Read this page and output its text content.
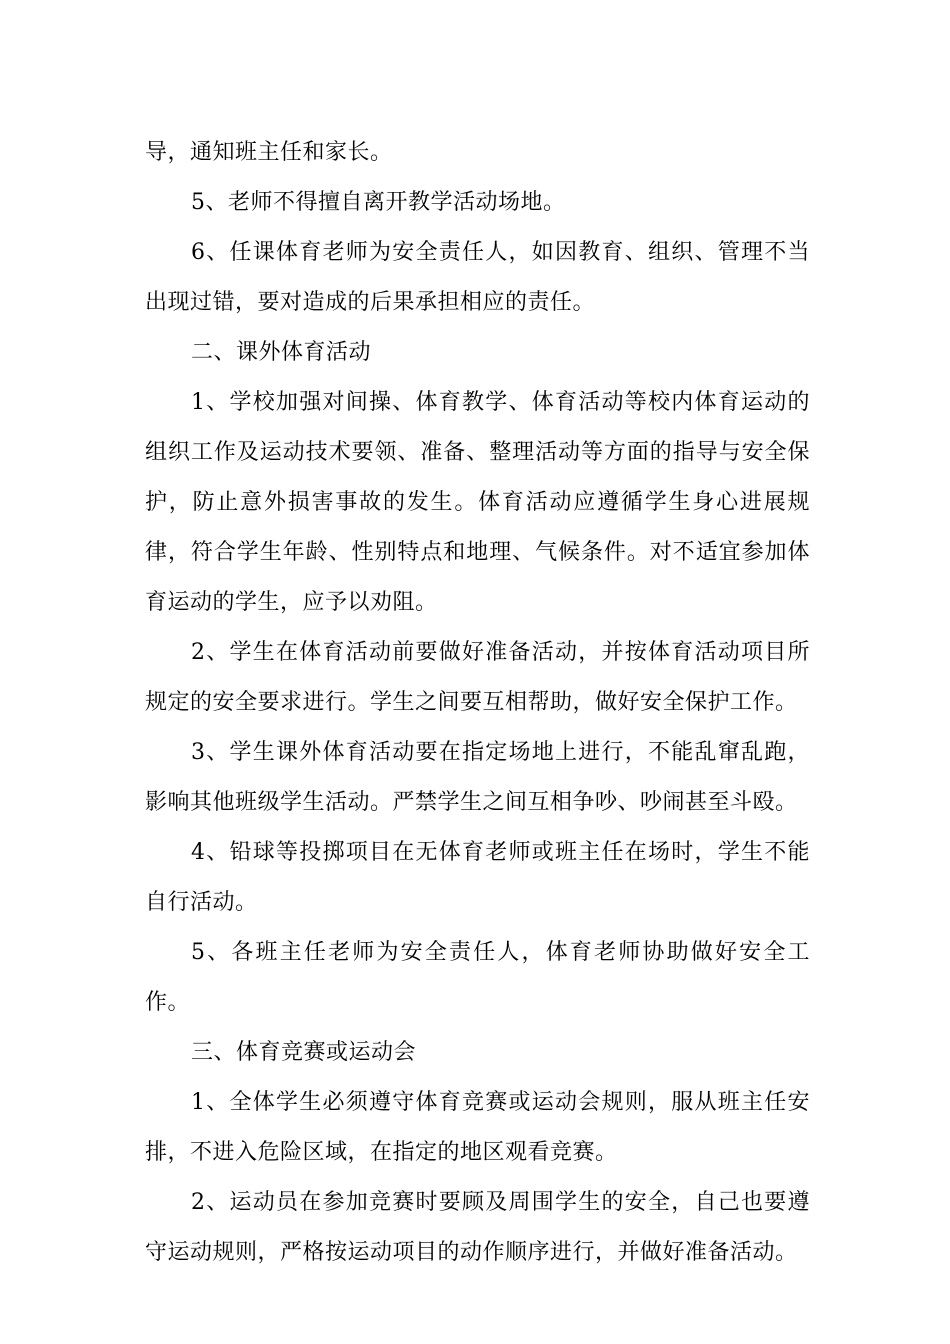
导，通知班主任和家长。

5、老师不得擅自离开教学活动场地。

6、任课体育老师为安全责任人，如因教育、组织、管理不当出现过错，要对造成的后果承担相应的责任。

二、课外体育活动

1、学校加强对间操、体育教学、体育活动等校内体育运动的组织工作及运动技术要领、准备、整理活动等方面的指导与安全保护，防止意外损害事故的发生。体育活动应遵循学生身心进展规律，符合学生年龄、性别特点和地理、气候条件。对不适宜参加体育运动的学生，应予以劝阻。

2、学生在体育活动前要做好准备活动，并按体育活动项目所规定的安全要求进行。学生之间要互相帮助，做好安全保护工作。

3、学生课外体育活动要在指定场地上进行，不能乱窜乱跑，影响其他班级学生活动。严禁学生之间互相争吵、吵闹甚至斗殴。

4、铅球等投掷项目在无体育老师或班主任在场时，学生不能自行活动。

5、各班主任老师为安全责任人，体育老师协助做好安全工作。

三、体育竞赛或运动会

1、全体学生必须遵守体育竞赛或运动会规则，服从班主任安排，不进入危险区域，在指定的地区观看竞赛。

2、运动员在参加竞赛时要顾及周围学生的安全，自己也要遵守运动规则，严格按运动项目的动作顺序进行，并做好准备活动。
